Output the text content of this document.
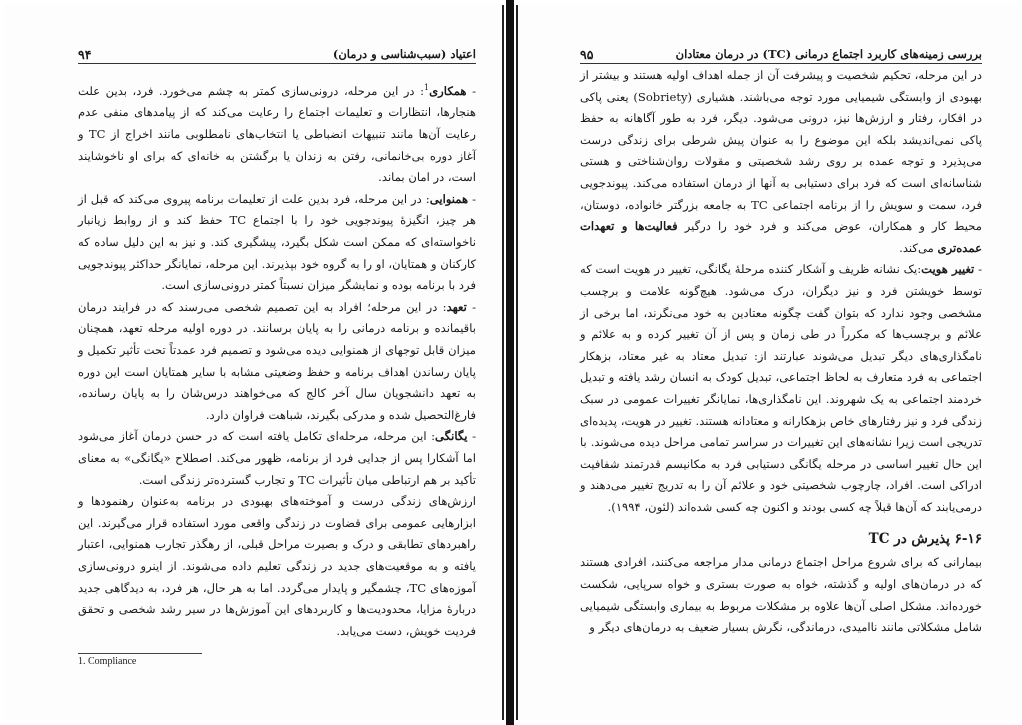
اعتیاد (سبب‌شناسی و درمان)
۹۴

- همکاری$^1$: در این مرحله، درونی‌سازی کمتر به چشم می‌خورد. فرد، بدین علت هنجارها، انتظارات و تعلیمات اجتماع را رعایت می‌کند که از پیامدهای منفی عدم رعایت آن‌ها مانند تنبیهات انضباطی یا انتخاب‌های نامطلوبی مانند اخراج از TC و آغاز دوره بی‌خانمانی، رفتن به زندان یا برگشتن به خانه‌ای که برای او ناخوشایند است، در امان بماند.

- همنوایی: در این مرحله، فرد بدین علت از تعلیمات برنامه پیروی می‌کند که قبل از هر چیز، انگیزهٔ پیوندجویی خود را با اجتماع TC حفظ کند و از روابط زیانبار ناخواسته‌ای که ممکن است شکل بگیرد، پیشگیری کند. و نیز به این دلیل ساده که کارکنان و همتایان، او را به گروه خود بپذیرند. این مرحله، نمایانگر حداکثر پیوندجویی فرد با برنامه بوده و نمایشگر میزان نسبتاً کمتر درونی‌سازی است.

- تعهد: در این مرحله؛ افراد به این تصمیم شخصی می‌رسند که در فرایند درمان باقیمانده و برنامه درمانی را به پایان برسانند. در دوره اولیه مرحله تعهد، همچنان میزان قابل توجهای از همنوایی دیده می‌شود و تصمیم فرد عمدتاً تحت تأثیر تکمیل و پایان رساندن اهداف برنامه و حفظ وضعیتی مشابه با سایر همتایان است این دوره به تعهد دانشجویان سال آخر کالج که می‌خواهند درس‌شان را به پایان رسانده، فارغ‌التحصیل شده و مدرکی بگیرند، شباهت فراوان دارد.

- یگانگی: این مرحله، مرحله‌ای تکامل یافته است که در حسن درمان آغاز می‌شود اما آشکارا پس از جدایی فرد از برنامه، ظهور می‌کند. اصطلاح «یگانگی» به معنای تأکید بر هم ارتباطی میان تأثیرات TC و تجارب گسترده‌تر زندگی است.

ارزش‌های زندگی درست و آموخته‌های بهبودی در برنامه به‌عنوان رهنمودها و ابزارهایی عمومی برای قضاوت در زندگی واقعی مورد استفاده قرار می‌گیرند. این راهبردهای تطابقی و درک و بصیرت مراحل قبلی، از رهگذر تجارب همنوایی، اعتبار یافته و به موقعیت‌های جدید در زندگی تعلیم داده می‌شوند. از اینرو درونی‌سازی آموزه‌های TC، چشمگیر و پایدار می‌گردد. اما به هر حال، هر فرد، به دیدگاهی جدید دربارهٔ مزایا، محدودیت‌ها و کاربردهای این آموزش‌ها در سیر رشد شخصی و تحقق فردیت خویش، دست می‌یابد.

1. Compliance
بررسی زمینه‌های کاربرد اجتماع درمانی (TC) در درمان معتادان
۹۵

در این مرحله، تحکیم شخصیت و پیشرفت آن از جمله اهداف اولیه هستند و بیشتر از بهبودی از وابستگی شیمیایی مورد توجه می‌باشند. هشیاری (Sobriety) یعنی پاکی در افکار، رفتار و ارزش‌ها نیز، درونی می‌شود. دیگر، فرد به طور آگاهانه به حفظ پاکی نمی‌اندیشد بلکه این موضوع را به عنوان پیش شرطی برای زندگی درست می‌پذیرد و توجه عمده بر روی رشد شخصیتی و مقولات روان‌شناختی و هستی شناسانه‌ای است که فرد برای دستیابی به آنها از درمان استفاده می‌کند. پیوندجویی فرد، سمت و سویش را از برنامه اجتماعی TC به جامعه بزرگتر خانواده، دوستان، محیط کار و همکاران، عوض می‌کند و فرد خود را درگیر فعالیت‌ها و تعهدات عمده‌تری می‌کند.

- تغییر هویت:یک نشانه ظریف و آشکار کننده مرحلهٔ یگانگی، تغییر در هویت است که توسط خویشتن فرد و نیز دیگران، درک می‌شود. هیچ‌گونه علامت و برچسب مشخصی وجود ندارد که بتوان گفت چگونه معتادین به خود می‌نگرند، اما برخی از علائم و برچسب‌ها که مکرراً در طی زمان و پس از آن تغییر کرده و به علائم و نامگذاری‌های دیگر تبدیل می‌شوند عبارتند از: تبدیل معتاد به غیر معتاد، بزهکار اجتماعی به فرد متعارف به لحاظ اجتماعی، تبدیل کودک به انسان رشد یافته و تبدیل خردمند اجتماعی به یک شهروند. این نامگذاری‌ها، نمایانگر تغییرات عمومی در سبک زندگی فرد و نیز رفتارهای خاص بزهکارانه و معتادانه هستند. تغییر در هویت، پدیده‌ای تدریجی است زیرا نشانه‌های این تغییرات در سراسر تمامی مراحل دیده می‌شوند. با این حال تغییر اساسی در مرحله یگانگی دستیابی فرد به مکانیسم قدرتمند شفافیت ادراکی است. افراد، چارچوب شخصیتی خود و علائم آن را به تدریج تغییر می‌دهند و درمی‌یابند که آن‌ها قبلاً چه کسی بودند و اکنون چه کسی شده‌اند (لئون، ۱۹۹۴).

۶-۱۶ پذیرش در TC

بیمارانی که برای شروع مراحل اجتماع درمانی مدار مراجعه می‌کنند، افرادی هستند که در درمان‌های اولیه و گذشته، خواه به صورت بستری و خواه سرپایی، شکست خورده‌اند. مشکل اصلی آن‌ها علاوه بر مشکلات مربوط به بیماری وابستگی شیمیایی شامل مشکلاتی مانند ناامیدی، درماندگی، نگرش بسیار ضعیف به درمان‌های دیگر و
